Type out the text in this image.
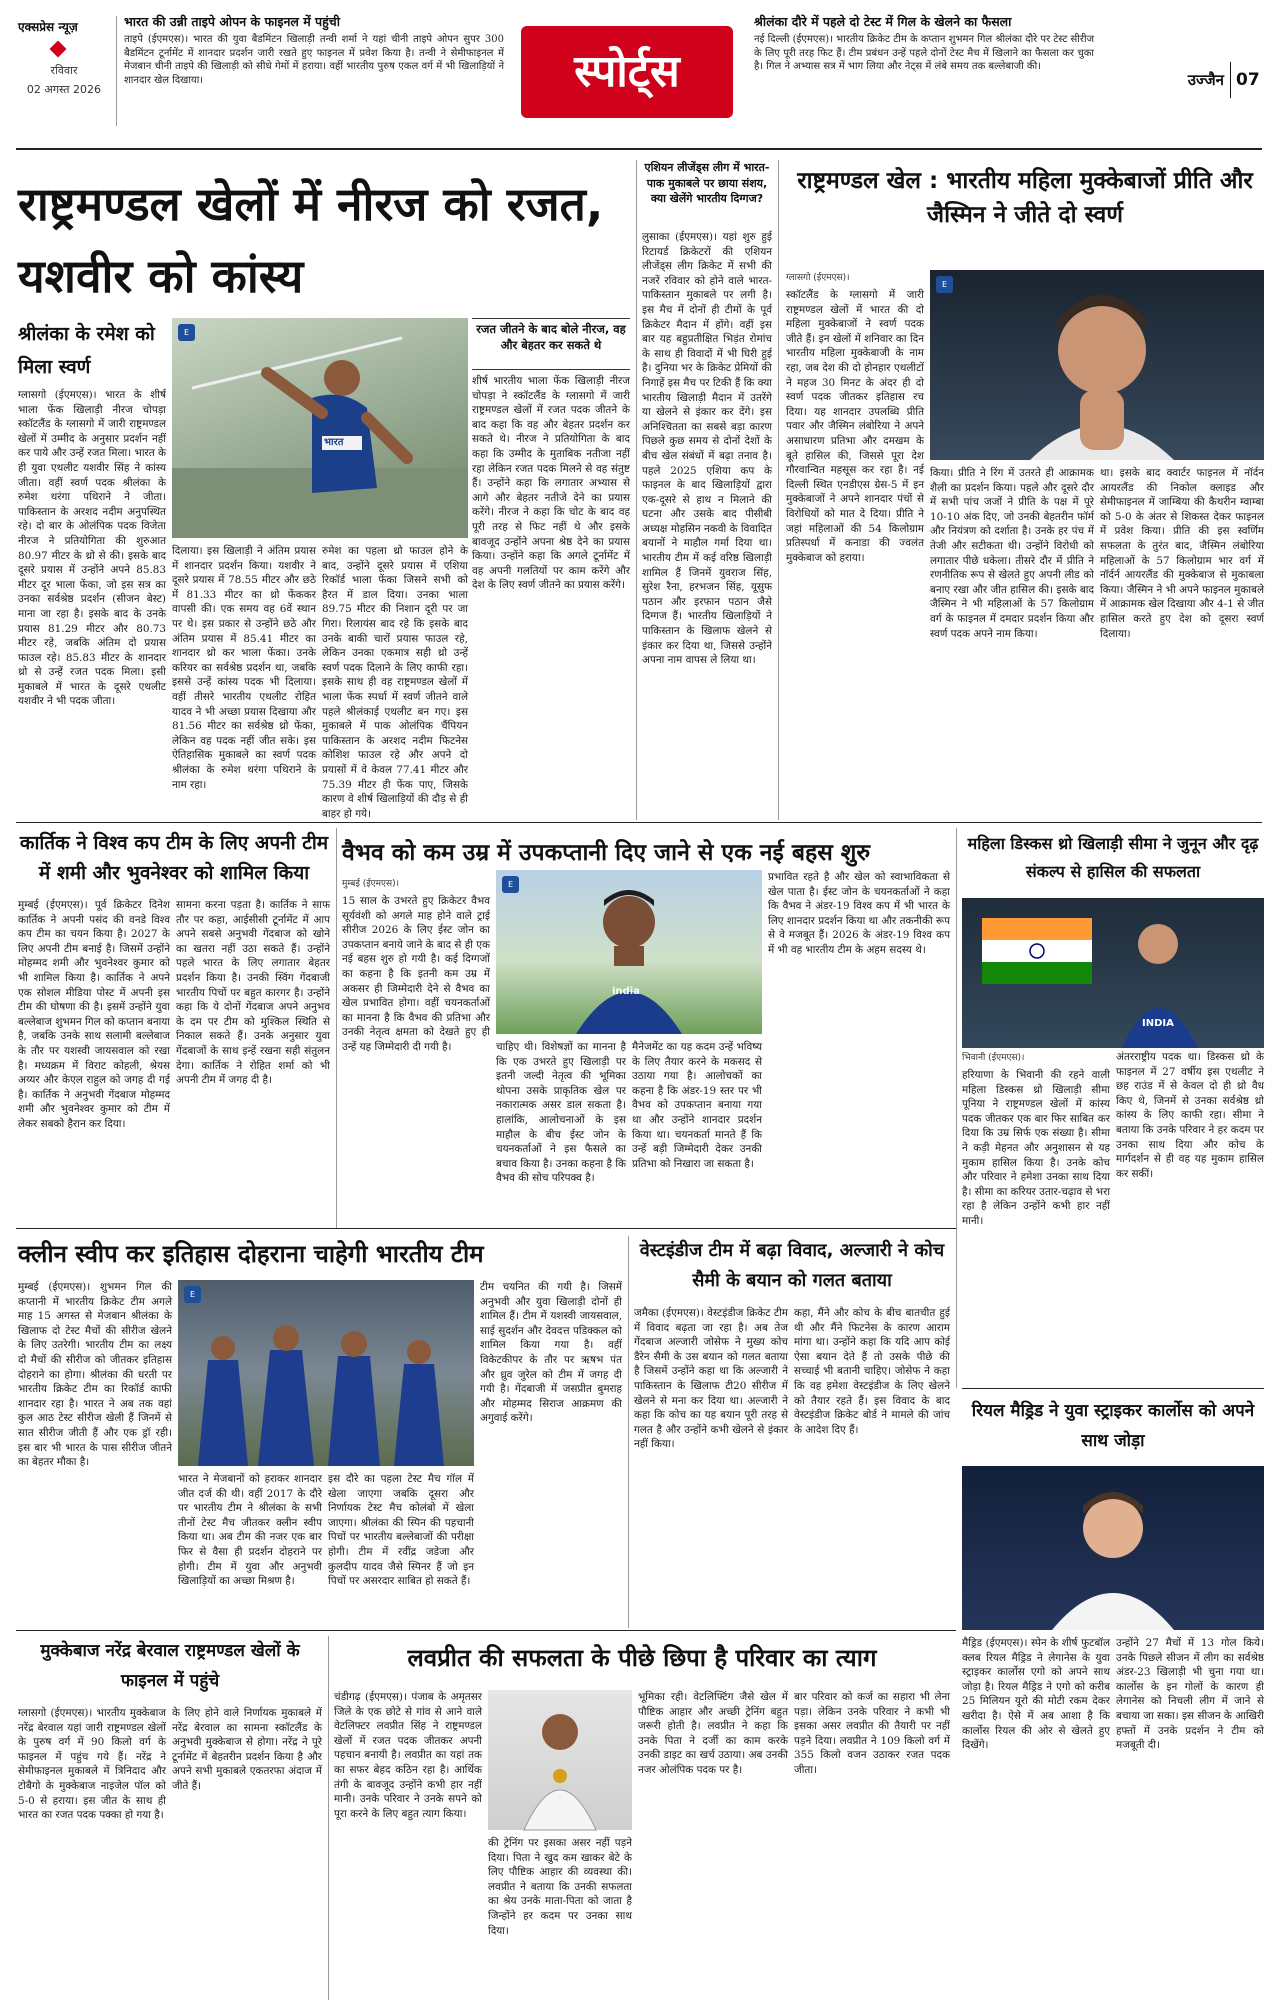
एक्सप्रेस न्यूज़
रविवार
02 अगस्त 2026
भारत की उन्नी ताइपे ओपन के फाइनल में पहुंची
ताइपे (ईएमएस)। भारत की युवा बैडमिंटन खिलाड़ी तन्वी शर्मा ने यहां चीनी ताइपे ओपन सुपर 300 बैडमिंटन टूर्नामेंट में शानदार प्रदर्शन जारी रखते हुए फाइनल में प्रवेश किया है। तन्वी ने सेमीफाइनल में मेजबान चीनी ताइपे की खिलाड़ी को सीधे गेमों में हराया। वहीं भारतीय पुरुष एकल वर्ग में भी खिलाड़ियों ने शानदार खेल दिखाया।	स्पोर्ट्स
श्रीलंका दौरे में पहले दो टेस्ट में गिल के खेलने का फैसला
नई दिल्ली (ईएमएस)। भारतीय क्रिकेट टीम के कप्तान शुभमन गिल श्रीलंका दौरे पर टेस्ट सीरीज के लिए पूरी तरह फिट हैं। टीम प्रबंधन उन्हें पहले दोनों टेस्ट मैच में खिलाने का फैसला कर चुका है। गिल ने अभ्यास सत्र में भाग लिया और नेट्स में लंबे समय तक बल्लेबाजी की।
उज्जैन 07
राष्ट्रमण्डल खेलों में नीरज को रजत, यशवीर को कांस्य
श्रीलंका के रमेश को मिला स्वर्ण
भारत
E	रजत जीतने के बाद बोले नीरज, वह और बेहतर कर सकते थे
ग्लासगो (ईएमएस)। भारत के शीर्ष भाला फेंक खिलाड़ी नीरज चोपड़ा स्कॉटलैंड के ग्लासगो में जारी राष्ट्रमण्डल खेलों में उम्मीद के अनुसार प्रदर्शन नहीं कर पाये और उन्हें रजत मिला। भारत के ही युवा एथलीट यशवीर सिंह ने कांस्य जीता। वहीं स्वर्ण पदक श्रीलंका के रुमेश थरंगा पथिराने ने जीता। पाकिस्तान के अरशद नदीम अनुपस्थित रहे। दो बार के ओलंपिक पदक विजेता नीरज ने प्रतियोगिता की शुरुआत 80.97 मीटर के थ्रो से की। इसके बाद दूसरे प्रयास में उन्होंने अपने 85.83 मीटर दूर भाला फेंका, जो इस सत्र का उनका सर्वश्रेष्ठ प्रदर्शन (सीजन बेस्ट) माना जा रहा है। इसके बाद के उनके प्रयास 81.29 मीटर और 80.73 मीटर रहे, जबकि अंतिम दो प्रयास फाउल रहे। 85.83 मीटर के शानदार थ्रो से उन्हें रजत पदक मिला। इसी मुकाबले में भारत के दूसरे एथलीट यशवीर ने भी पदक जीता।
दिलाया। इस खिलाड़ी ने अंतिम प्रयास में शानदार प्रदर्शन किया। यशवीर ने दूसरे प्रयास में 78.55 मीटर और छठे में 81.33 मीटर का थ्रो फेंककर वापसी की। एक समय वह 6वें स्थान पर थे। इस प्रकार से उन्होंने छठे और अंतिम प्रयास में 85.41 मीटर का शानदार थ्रो कर भाला फेंका। उनके करियर का सर्वश्रेष्ठ प्रदर्शन था, जबकि इससे उन्हें कांस्य पदक भी दिलाया। वहीं तीसरे भारतीय एथलीट रोहित यादव ने भी अच्छा प्रयास दिखाया और 81.56 मीटर का सर्वश्रेष्ठ थ्रो फेंका, लेकिन वह पदक नहीं जीत सके। इस ऐतिहासिक मुकाबले का स्वर्ण पदक श्रीलंका के रुमेश थरंगा पथिराने के नाम रहा।
रुमेश का पहला थ्रो फाउल होने के बाद, उन्होंने दूसरे प्रयास में एशिया रिकॉर्ड भाला फेंका जिसने सभी को हैरत में डाल दिया। उनका भाला 89.75 मीटर की निशान दूरी पर जा गिरा। रिलायंस बाद रहे कि इसके बाद उनके बाकी चारों प्रयास फाउल रहे, लेकिन उनका एकमात्र सही थ्रो उन्हें स्वर्ण पदक दिलाने के लिए काफी रहा। इसके साथ ही वह राष्ट्रमण्डल खेलों में भाला फेंक स्पर्धा में स्वर्ण जीतने वाले पहले श्रीलंकाई एथलीट बन गए। इस मुकाबले में पाक ओलंपिक चैंपियन पाकिस्तान के अरशद नदीम फिटनेस कोशिश फाउल रहे और अपने दो प्रयासों में वे केवल 77.41 मीटर और 75.39 मीटर ही फेंक पाए, जिसके कारण वे शीर्ष खिलाड़ियों की दौड़ से ही बाहर हो गये।
शीर्ष भारतीय भाला फेंक खिलाड़ी नीरज चोपड़ा ने स्कॉटलैंड के ग्लासगो में जारी राष्ट्रमण्डल खेलों में रजत पदक जीतने के बाद कहा कि वह और बेहतर प्रदर्शन कर सकते थे। नीरज ने प्रतियोगिता के बाद कहा कि उम्मीद के मुताबिक नतीजा नहीं रहा लेकिन रजत पदक मिलने से वह संतुष्ट हैं। उन्होंने कहा कि लगातार अभ्यास से आगे और बेहतर नतीजे देने का प्रयास करेंगे। नीरज ने कहा कि चोट के बाद वह पूरी तरह से फिट नहीं थे और इसके बावजूद उन्होंने अपना श्रेष्ठ देने का प्रयास किया। उन्होंने कहा कि अगले टूर्नामेंट में वह अपनी गलतियों पर काम करेंगे और देश के लिए स्वर्ण जीतने का प्रयास करेंगे।
एशियन लीजेंड्स लीग में भारत-पाक मुकाबले पर छाया संशय, क्या खेलेंगे भारतीय दिग्गज?
लुसाका (ईएमएस)। यहां शुरु हुई रिटायर्ड क्रिकेटरों की एशियन लीजेंड्स लीग क्रिकेट में सभी की नजरें रविवार को होने वाले भारत-पाकिस्तान मुकाबले पर लगी है। इस मैच में दोनों ही टीमों के पूर्व क्रिकेटर मैदान में होंगे। वहीं इस बार यह बहुप्रतीक्षित भिड़ंत रोमांच के साथ ही विवादों में भी घिरी हुई है। दुनिया भर के क्रिकेट प्रेमियों की निगाहें इस मैच पर टिकी हैं कि क्या भारतीय खिलाड़ी मैदान में उतरेंगे या खेलने से इंकार कर देंगे। इस अनिश्चितता का सबसे बड़ा कारण पिछले कुछ समय से दोनों देशों के बीच खेल संबंधों में बढ़ा तनाव है। पहले 2025 एशिया कप के फाइनल के बाद खिलाड़ियों द्वारा एक-दूसरे से हाथ न मिलाने की घटना और उसके बाद पीसीबी अध्यक्ष मोहसिन नकवी के विवादित बयानों ने माहौल गर्मा दिया था। भारतीय टीम में कई वरिष्ठ खिलाड़ी शामिल हैं जिनमें युवराज सिंह, सुरेश रैना, हरभजन सिंह, यूसुफ पठान और इरफान पठान जैसे दिग्गज हैं। भारतीय खिलाड़ियों ने पाकिस्तान के खिलाफ खेलने से इंकार कर दिया था, जिससे उन्होंने अपना नाम वापस ले लिया था।
राष्ट्रमण्डल खेल : भारतीय महिला मुक्केबाजों प्रीति और जैस्मिन ने जीते दो स्वर्ण
ग्लासगो (ईएमएस)।
स्कॉटलैंड के ग्लासगो में जारी राष्ट्रमण्डल खेलों में भारत की दो महिला मुक्केबाजों ने स्वर्ण पदक जीते हैं। इन खेलों में शनिवार का दिन भारतीय महिला मुक्केबाजी के नाम रहा, जब देश की दो होनहार एथलीटों ने महज 30 मिनट के अंदर ही दो स्वर्ण पदक जीतकर इतिहास रच दिया। यह शानदार उपलब्धि प्रीति पवार और जैस्मिन लंबोरिया ने अपने असाधारण प्रतिभा और दमखम के बूते हासिल की, जिससे पूरा देश गौरवान्वित महसूस कर रहा है। नई दिल्ली स्थित एनडीएस ग्रेस-5 में इन मुक्केबाजों ने अपने शानदार पंचों से विरोधियों को मात दे दिया। प्रीति ने जहां महिलाओं की 54 किलोग्राम प्रतिस्पर्धा में कनाडा की ज्वलंत मुक्केबाज को हराया।
E
किया। प्रीति ने रिंग में उतरते ही आक्रामक शैली का प्रदर्शन किया। पहले और दूसरे दौर में सभी पांच जजों ने प्रीति के पक्ष में पूरे 10-10 अंक दिए, जो उनकी बेहतरीन फॉर्म और नियंत्रण को दर्शाता है। उनके हर पंच में तेजी और सटीकता थी। उन्होंने विरोधी को लगातार पीछे धकेला। तीसरे दौर में प्रीति ने रणनीतिक रूप से खेलते हुए अपनी लीड को बनाए रखा और जीत हासिल की। इसके बाद जैस्मिन ने भी महिलाओं के 57 किलोग्राम वर्ग के फाइनल में दमदार प्रदर्शन किया और स्वर्ण पदक अपने नाम किया।
था। इसके बाद क्वार्टर फाइनल में नॉर्दन आयरलैंड की निकोल क्लाइड और सेमीफाइनल में जाम्बिया की कैथरीन म्वाम्बा को 5-0 के अंतर से शिकस्त देकर फाइनल में प्रवेश किया। प्रीति की इस स्वर्णिम सफलता के तुरंत बाद, जैस्मिन लंबोरिया महिलाओं के 57 किलोग्राम भार वर्ग में नॉर्दर्न आयरलैंड की मुक्केबाज से मुकाबला किया। जैस्मिन ने भी अपने फाइनल मुकाबले में आक्रामक खेल दिखाया और 4-1 से जीत हासिल करते हुए देश को दूसरा स्वर्ण दिलाया।
कार्तिक ने विश्व कप टीम के लिए अपनी टीम में शमी और भुवनेश्वर को शामिल किया
मुम्बई (ईएमएस)। पूर्व क्रिकेटर दिनेश कार्तिक ने अपनी पसंद की वनडे विश्व कप टीम का चयन किया है। 2027 के लिए अपनी टीम बनाई है। जिसमें उन्होंने मोहम्मद शमी और भुवनेश्वर कुमार को भी शामिल किया है। कार्तिक ने अपने एक सोशल मीडिया पोस्ट में अपनी इस टीम की घोषणा की है। इसमें उन्होंने युवा बल्लेबाज शुभमन गिल को कप्तान बनाया है, जबकि उनके साथ सलामी बल्लेबाज के तौर पर यशस्वी जायसवाल को रखा है। मध्यक्रम में विराट कोहली, श्रेयस अय्यर और केएल राहुल को जगह दी गई है। कार्तिक ने अनुभवी गेंदबाज मोहम्मद शमी और भुवनेश्वर कुमार को टीम में लेकर सबको हैरान कर दिया।
सामना करना पड़ता है। कार्तिक ने साफ तौर पर कहा, आईसीसी टूर्नामेंट में आप अपने सबसे अनुभवी गेंदबाज को खोने का खतरा नहीं उठा सकते हैं। उन्होंने पहले भारत के लिए लगातार बेहतर प्रदर्शन किया है। उनकी स्विंग गेंदबाजी भारतीय पिचों पर बहुत कारगर है। उन्होंने कहा कि ये दोनों गेंदबाज अपने अनुभव के दम पर टीम को मुश्किल स्थिति से निकाल सकते हैं। उनके अनुसार युवा गेंदबाजों के साथ इन्हें रखना सही संतुलन देगा। कार्तिक ने रोहित शर्मा को भी अपनी टीम में जगह दी है।
वैभव को कम उम्र में उपकप्तानी दिए जाने से एक नई बहस शुरु
मुम्बई (ईएमएस)।
15 साल के उभरते हुए क्रिकेटर वैभव सूर्यवंशी को अगले माह होने वाले ट्राई सीरीज 2026 के लिए ईस्ट जोन का उपकप्तान बनाये जाने के बाद से ही एक नई बहस शुरु हो गयी है। कई दिग्गजों का कहना है कि इतनी कम उम्र में अकसर ही जिम्मेदारी देने से वैभव का खेल प्रभावित होगा। वहीं चयनकर्ताओं का मानना है कि वैभव की प्रतिभा और उनकी नेतृत्व क्षमता को देखते हुए ही उन्हें यह जिम्मेदारी दी गयी है।
india
E
चाहिए थी। विशेषज्ञों का मानना है कि एक उभरते हुए खिलाड़ी पर इतनी जल्दी नेतृत्व की भूमिका थोपना उसके प्राकृतिक खेल पर नकारात्मक असर डाल सकता है। हालांकि, आलोचनाओं के इस माहौल के बीच ईस्ट जोन के चयनकर्ताओं ने इस फैसले का बचाव किया है। उनका कहना है कि वैभव की सोच परिपक्व है।
मैनेजमेंट का यह कदम उन्हें भविष्य के लिए तैयार करने के मकसद से उठाया गया है। आलोचकों का कहना है कि अंडर-19 स्तर पर भी वैभव को उपकप्तान बनाया गया था और उन्होंने शानदार प्रदर्शन किया था। चयनकर्ता मानते हैं कि उन्हें बड़ी जिम्मेदारी देकर उनकी प्रतिभा को निखारा जा सकता है।
प्रभावित रहते है और खेल को स्वाभाविकता से खेल पाता है। ईस्ट जोन के चयनकर्ताओं ने कहा कि वैभव ने अंडर-19 विश्व कप में भी भारत के लिए शानदार प्रदर्शन किया था और तकनीकी रूप से वे मजबूत हैं। 2026 के अंडर-19 विश्व कप में भी वह भारतीय टीम के अहम सदस्य थे।
महिला डिस्कस थ्रो खिलाड़ी सीमा ने जुनून और दृढ़ संकल्प से हासिल की सफलता
INDIA
भिवानी (ईएमएस)।
हरियाणा के भिवानी की रहने वाली महिला डिस्कस थ्रो खिलाड़ी सीमा पूनिया ने राष्ट्रमण्डल खेलों में कांस्य पदक जीतकर एक बार फिर साबित कर दिया कि उम्र सिर्फ एक संख्या है। सीमा ने कड़ी मेहनत और अनुशासन से यह मुकाम हासिल किया है। उनके कोच और परिवार ने हमेशा उनका साथ दिया है। सीमा का करियर उतार-चढ़ाव से भरा रहा है लेकिन उन्होंने कभी हार नहीं मानी।
अंतरराष्ट्रीय पदक था। डिस्कस थ्रो के फाइनल में 27 वर्षीय इस एथलीट ने छह राउंड में से केवल दो ही थ्रो वैध किए थे, जिनमें से उनका सर्वश्रेष्ठ थ्रो कांस्य के लिए काफी रहा। सीमा ने बताया कि उनके परिवार ने हर कदम पर उनका साथ दिया और कोच के मार्गदर्शन से ही वह यह मुकाम हासिल कर सकीं।
क्लीन स्वीप कर इतिहास दोहराना चाहेगी भारतीय टीम
मुम्बई (ईएमएस)। शुभमन गिल की कप्तानी में भारतीय क्रिकेट टीम अगले माह 15 अगस्त से मेजबान श्रीलंका के खिलाफ दो टेस्ट मैचों की सीरीज खेलने के लिए उतरेगी। भारतीय टीम का लक्ष्य दो मैचों की सीरीज को जीतकर इतिहास दोहराने का होगा। श्रीलंका की धरती पर भारतीय क्रिकेट टीम का रिकॉर्ड काफी शानदार रहा है। भारत ने अब तक वहां कुल आठ टेस्ट सीरीज खेली हैं जिनमें से सात सीरीज जीती हैं और एक ड्रॉ रही। इस बार भी भारत के पास सीरीज जीतने का बेहतर मौका है।
E
भारत ने मेजबानों को हराकर शानदार जीत दर्ज की थी। वहीं 2017 के दौरे पर भारतीय टीम ने श्रीलंका के सभी तीनों टेस्ट मैच जीतकर क्लीन स्वीप किया था। अब टीम की नजर एक बार फिर से वैसा ही प्रदर्शन दोहराने पर होगी। टीम में युवा और अनुभवी खिलाड़ियों का अच्छा मिश्रण है।
इस दौरे का पहला टेस्ट मैच गॉल में खेला जाएगा जबकि दूसरा और निर्णायक टेस्ट मैच कोलंबो में खेला जाएगा। श्रीलंका की स्पिन की पहचानी पिचों पर भारतीय बल्लेबाजों की परीक्षा होगी। टीम में रवींद्र जडेजा और कुलदीप यादव जैसे स्पिनर हैं जो इन पिचों पर असरदार साबित हो सकते हैं।
टीम चयनित की गयी है। जिसमें अनुभवी और युवा खिलाड़ी दोनों ही शामिल हैं। टीम में यशस्वी जायसवाल, साई सुदर्शन और देवदत्त पडिक्कल को शामिल किया गया है। वहीं विकेटकीपर के तौर पर ऋषभ पंत और ध्रुव जुरेल को टीम में जगह दी गयी है। गेंदबाजी में जसप्रीत बुमराह और मोहम्मद सिराज आक्रमण की अगुवाई करेंगे।
वेस्टइंडीज टीम में बढ़ा विवाद, अल्जारी ने कोच सैमी के बयान को गलत बताया
जमैका (ईएमएस)। वेस्टइंडीज क्रिकेट टीम में विवाद बढ़ता जा रहा है। अब तेज गेंदबाज अल्जारी जोसेफ ने मुख्य कोच डैरेन सैमी के उस बयान को गलत बताया है जिसमें उन्होंने कहा था कि अल्जारी ने पाकिस्तान के खिलाफ टी20 सीरीज में खेलने से मना कर दिया था। अल्जारी ने कहा कि कोच का यह बयान पूरी तरह से गलत है और उन्होंने कभी खेलने से इंकार नहीं किया।
कहा, मैंने और कोच के बीच बातचीत हुई थी और मैंने फिटनेस के कारण आराम मांगा था। उन्होंने कहा कि यदि आप कोई ऐसा बयान देते हैं तो उसके पीछे की सच्चाई भी बतानी चाहिए। जोसेफ ने कहा कि वह हमेशा वेस्टइंडीज के लिए खेलने को तैयार रहते हैं। इस विवाद के बाद वेस्टइंडीज क्रिकेट बोर्ड ने मामले की जांच के आदेश दिए हैं।
रियल मैड्रिड ने युवा स्ट्राइकर कार्लोस को अपने साथ जोड़ा
मैड्रिड (ईएमएस)। स्पेन के शीर्ष फुटबॉल क्लब रियल मैड्रिड ने लेगानेस के युवा स्ट्राइकर कार्लोस एगो को अपने साथ जोड़ा है। रियल मैड्रिड ने एगो को करीब 25 मिलियन यूरो की मोटी रकम देकर खरीदा है। ऐसे में अब आशा है कि कार्लोस रियल की ओर से खेलते हुए दिखेंगे।
उन्होंने 27 मैचों में 13 गोल किये। उनके पिछले सीजन में लीग का सर्वश्रेष्ठ अंडर-23 खिलाड़ी भी चुना गया था। कार्लोस के इन गोलों के कारण ही लेगानेस को निचली लीग में जाने से बचाया जा सका। इस सीजन के आखिरी हफ्तों में उनके प्रदर्शन ने टीम को मजबूती दी।
मुक्केबाज नरेंद्र बेरवाल राष्ट्रमण्डल खेलों के फाइनल में पहुंचे
ग्लासगो (ईएमएस)। भारतीय मुक्केबाज नरेंद्र बेरवाल यहां जारी राष्ट्रमण्डल खेलों के पुरुष वर्ग में 90 किलो वर्ग के फाइनल में पहुंच गये हैं। नरेंद्र ने सेमीफाइनल मुकाबले में त्रिनिदाद और टोबैगो के मुक्केबाज नाइजेल पॉल को 5-0 से हराया। इस जीत के साथ ही भारत का रजत पदक पक्का हो गया है।
के लिए होने वाले निर्णायक मुकाबले में नरेंद्र बेरवाल का सामना स्कॉटलैंड के अनुभवी मुक्केबाज से होगा। नरेंद्र ने पूरे टूर्नामेंट में बेहतरीन प्रदर्शन किया है और अपने सभी मुकाबले एकतरफा अंदाज में जीते हैं।
लवप्रीत की सफलता के पीछे छिपा है परिवार का त्याग
चंडीगढ़ (ईएमएस)। पंजाब के अमृतसर जिले के एक छोटे से गांव से आने वाले वेटलिफ्टर लवप्रीत सिंह ने राष्ट्रमण्डल खेलों में रजत पदक जीतकर अपनी पहचान बनायी है। लवप्रीत का यहां तक का सफर बेहद कठिन रहा है। आर्थिक तंगी के बावजूद उन्होंने कभी हार नहीं मानी। उनके परिवार ने उनके सपने को पूरा करने के लिए बहुत त्याग किया।
की ट्रेनिंग पर इसका असर नहीं पड़ने दिया। पिता ने खुद कम खाकर बेटे के लिए पौष्टिक आहार की व्यवस्था की। लवप्रीत ने बताया कि उनकी सफलता का श्रेय उनके माता-पिता को जाता है जिन्होंने हर कदम पर उनका साथ दिया।
भूमिका रही। वेटलिफ्टिंग जैसे खेल में पौष्टिक आहार और अच्छी ट्रेनिंग बहुत जरूरी होती है। लवप्रीत ने कहा कि उनके पिता ने दर्जी का काम करके उनकी डाइट का खर्च उठाया। अब उनकी नजर ओलंपिक पदक पर है।
बार परिवार को कर्ज का सहारा भी लेना पड़ा। लेकिन उनके परिवार ने कभी भी इसका असर लवप्रीत की तैयारी पर नहीं पड़ने दिया। लवप्रीत ने 109 किलो वर्ग में 355 किलो वजन उठाकर रजत पदक जीता।
